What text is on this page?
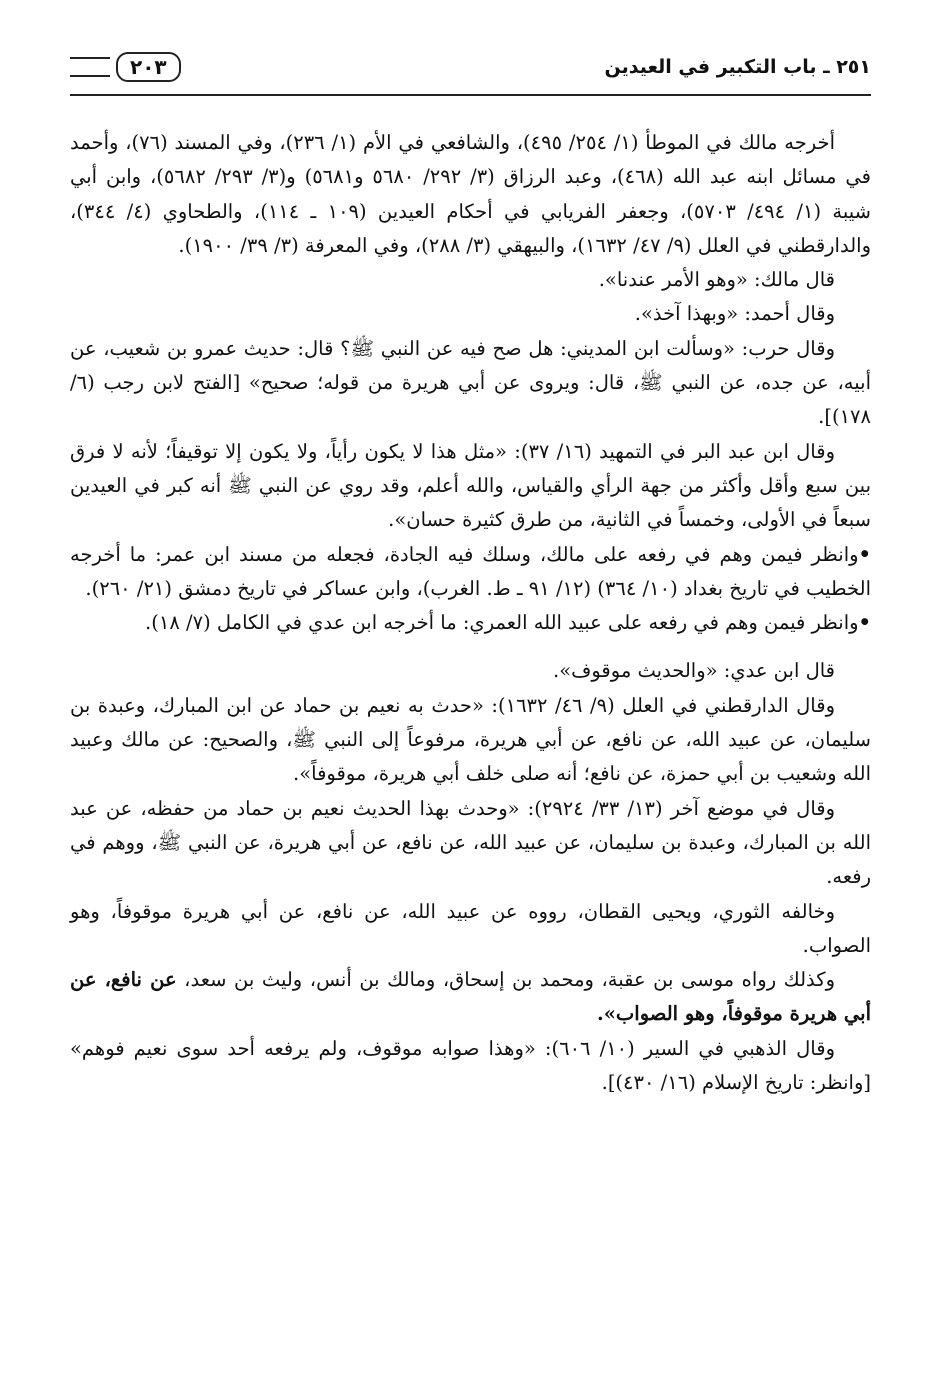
٢٥١ ـ باب التكبير في العيدين
٢٠٣

أخرجه مالك في الموطأ (١/ ٢٥٤/ ٤٩٥)، والشافعي في الأم (١/ ٢٣٦)، وفي المسند (٧٦)، وأحمد في مسائل ابنه عبد الله (٤٦٨)، وعبد الرزاق (٣/ ٢٩٢/ ٥٦٨٠ و٥٦٨١) و(٣/ ٢٩٣/ ٥٦٨٢)، وابن أبي شيبة (١/ ٤٩٤/ ٥٧٠٣)، وجعفر الفريابي في أحكام العيدين (١٠٩ ـ ١١٤)، والطحاوي (٤/ ٣٤٤)، والدارقطني في العلل (٩/ ٤٧/ ١٦٣٢)، والبيهقي (٣/ ٢٨٨)، وفي المعرفة (٣/ ٣٩/ ١٩٠٠).

قال مالك: «وهو الأمر عندنا».

وقال أحمد: «وبهذا آخذ».

وقال حرب: «وسألت ابن المديني: هل صح فيه عن النبي ﷺ؟ قال: حديث عمرو بن شعيب، عن أبيه، عن جده، عن النبي ﷺ، قال: ويروى عن أبي هريرة من قوله؛ صحيح» [الفتح لابن رجب (٦/ ١٧٨)].

وقال ابن عبد البر في التمهيد (١٦/ ٣٧): «مثل هذا لا يكون رأياً، ولا يكون إلا توقيفاً؛ لأنه لا فرق بين سبع وأقل وأكثر من جهة الرأي والقياس، والله أعلم، وقد روي عن النبي ﷺ أنه كبر في العيدين سبعاً في الأولى، وخمساً في الثانية، من طرق كثيرة حسان».

• وانظر فيمن وهم في رفعه على مالك، وسلك فيه الجادة، فجعله من مسند ابن عمر: ما أخرجه الخطيب في تاريخ بغداد (١٠/ ٣٦٤) (١٢/ ٩١ ـ ط. الغرب)، وابن عساكر في تاريخ دمشق (٢١/ ٢٦٠).

• وانظر فيمن وهم في رفعه على عبيد الله العمري: ما أخرجه ابن عدي في الكامل (٧/ ١٨).

قال ابن عدي: «والحديث موقوف».

وقال الدارقطني في العلل (٩/ ٤٦/ ١٦٣٢): «حدث به نعيم بن حماد عن ابن المبارك، وعبدة بن سليمان، عن عبيد الله، عن نافع، عن أبي هريرة، مرفوعاً إلى النبي ﷺ، والصحيح: عن مالك وعبيد الله وشعيب بن أبي حمزة، عن نافع؛ أنه صلى خلف أبي هريرة، موقوفاً».

وقال في موضع آخر (١٣/ ٣٣/ ٢٩٢٤): «وحدث بهذا الحديث نعيم بن حماد من حفظه، عن عبد الله بن المبارك، وعبدة بن سليمان، عن عبيد الله، عن نافع، عن أبي هريرة، عن النبي ﷺ، ووهم في رفعه.

وخالفه الثوري، ويحيى القطان، رووه عن عبيد الله، عن نافع، عن أبي هريرة موقوفاً، وهو الصواب.

وكذلك رواه موسى بن عقبة، ومحمد بن إسحاق، ومالك بن أنس، وليث بن سعد، عن نافع، عن أبي هريرة موقوفاً، وهو الصواب».

وقال الذهبي في السير (١٠/ ٦٠٦): «وهذا صوابه موقوف، ولم يرفعه أحد سوى نعيم فوهم» [وانظر: تاريخ الإسلام (١٦/ ٤٣٠)].
